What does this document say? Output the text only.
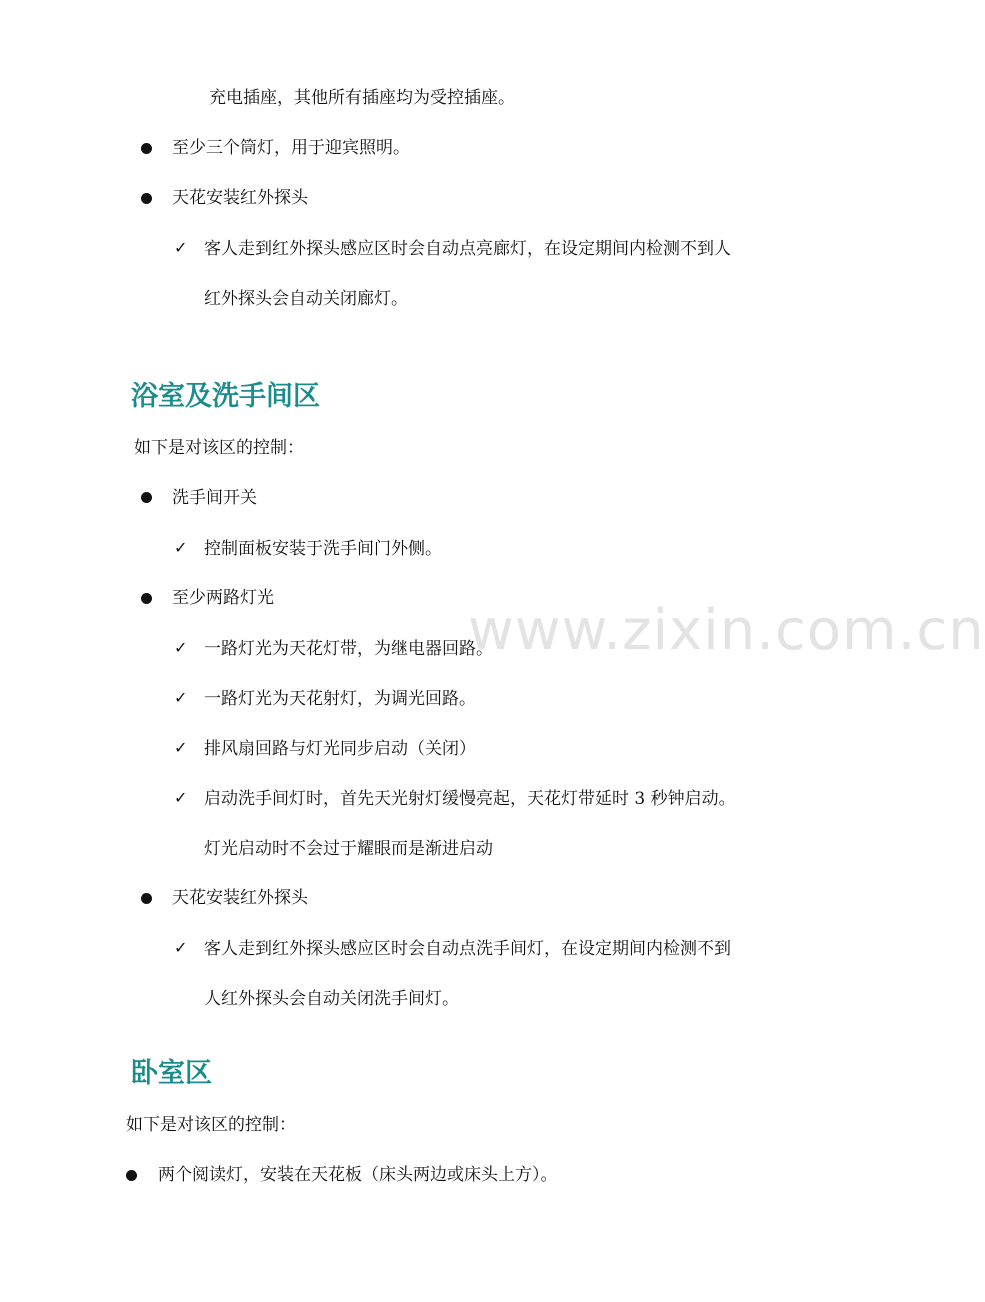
www.zixin.com.cn
充电插座，其他所有插座均为受控插座。
至少三个筒灯，用于迎宾照明。
天花安装红外探头
✓ 客人走到红外探头感应区时会自动点亮廊灯，在设定期间内检测不到人
红外探头会自动关闭廊灯。
浴室及洗手间区
如下是对该区的控制：
洗手间开关
✓ 控制面板安装于洗手间门外侧。
至少两路灯光
✓ 一路灯光为天花灯带，为继电器回路。
✓ 一路灯光为天花射灯，为调光回路。
✓ 排风扇回路与灯光同步启动（关闭）
✓ 启动洗手间灯时，首先天光射灯缓慢亮起，天花灯带延时 3 秒钟启动。
灯光启动时不会过于耀眼而是渐进启动
天花安装红外探头
✓ 客人走到红外探头感应区时会自动点洗手间灯，在设定期间内检测不到
人红外探头会自动关闭洗手间灯。
卧室区
如下是对该区的控制：
两个阅读灯，安装在天花板（床头两边或床头上方）。
